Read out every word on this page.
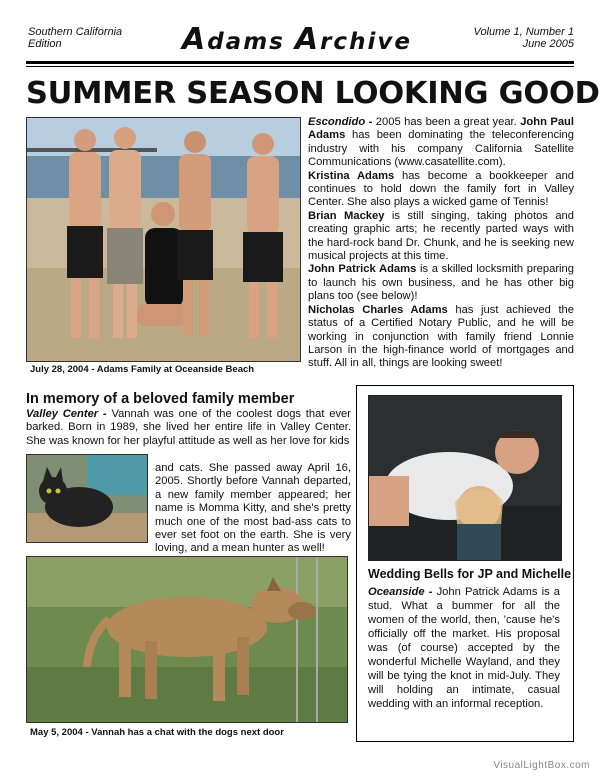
Southern California
Edition	Adams Archive	Volume 1, Number 1
June 2005
SUMMER SEASON LOOKING GOOD
July 28, 2004 - Adams Family at Oceanside Beach

Escondido - 2005 has been a great year. John Paul Adams has been dominating the teleconferencing industry with his company California Satellite Communications (www.casatellite.com).

Kristina Adams has become a bookkeeper and continues to hold down the family fort in Valley Center. She also plays a wicked game of Tennis!

Brian Mackey is still singing, taking photos and creating graphic arts; he recently parted ways with the hard-rock band Dr. Chunk, and he is seeking new musical projects at this time.

John Patrick Adams is a skilled locksmith preparing to launch his own business, and he has other big plans too (see below)!

Nicholas Charles Adams has just achieved the status of a Certified Notary Public, and he will be working in conjunction with family friend Lonnie Larson in the high-finance world of mortgages and stuff. All in all, things are looking sweet!

In memory of a beloved family member
Valley Center - Vannah was one of the coolest dogs that ever barked. Born in 1989, she lived her entire life in Valley Center. She was known for her playful attitude as well as her love for kids
and cats. She passed away April 16, 2005. Shortly before Vannah departed, a new family member appeared; her name is Momma Kitty, and she's pretty much one of the most bad-ass cats to ever set foot on the earth. She is very loving, and a mean hunter as well!
May 5, 2004 - Vannah has a chat with the dogs next door
Wedding Bells for JP and Michelle
Oceanside - John Patrick Adams is a stud. What a bummer for all the women of the world, then, 'cause he's officially off the market. His proposal was (of course) accepted by the wonderful Michelle Wayland, and they will be tying the knot in mid-July. They will holding an intimate, casual wedding with an informal reception.
VisualLightBox.com
